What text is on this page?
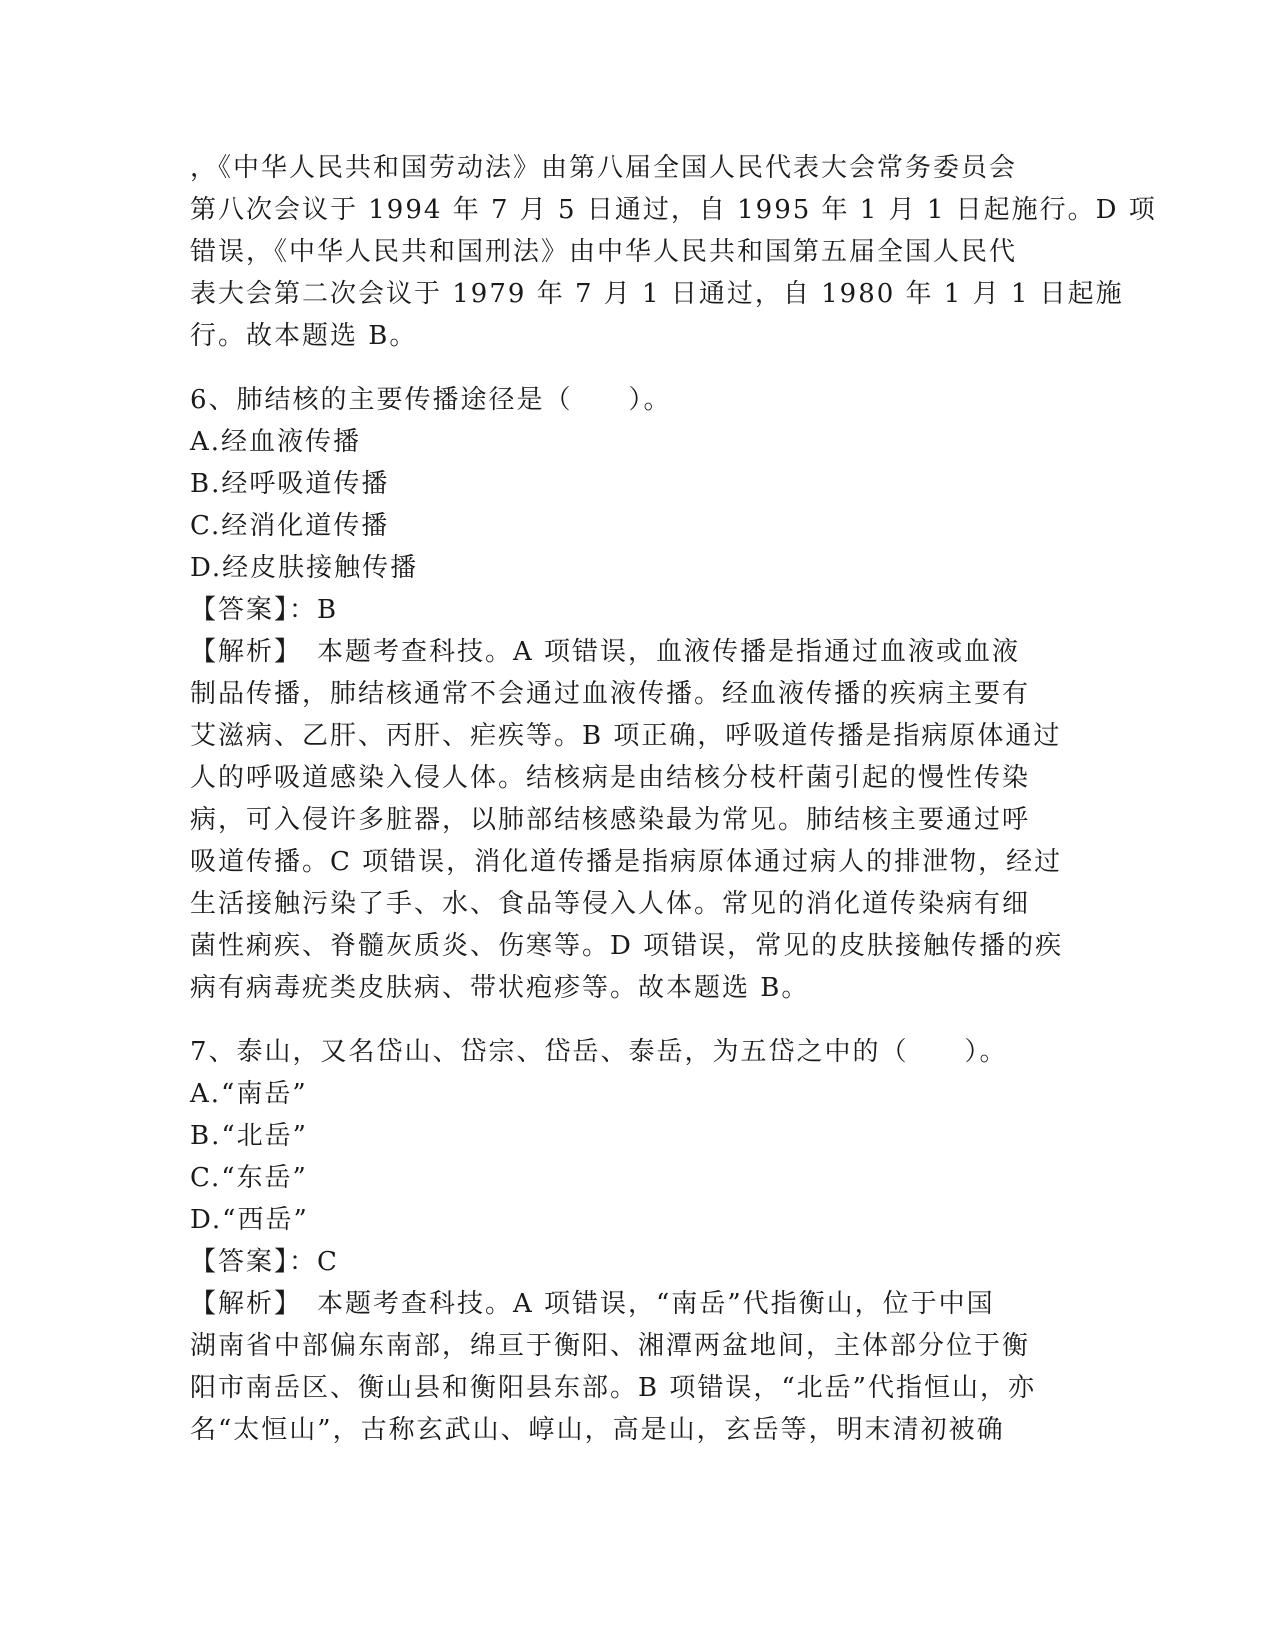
，《中华人民共和国劳动法》由第八届全国人民代表大会常务委员会
第八次会议于 1994 年 7 月 5 日通过，自 1995 年 1 月 1 日起施行。D 项
错误，《中华人民共和国刑法》由中华人民共和国第五届全国人民代
表大会第二次会议于 1979 年 7 月 1 日通过，自 1980 年 1 月 1 日起施
行。故本题选 B。
6、肺结核的主要传播途径是（　　）。
A.经血液传播
B.经呼吸道传播
C.经消化道传播
D.经皮肤接触传播
【答案】：B
【解析】　本题考查科技。A 项错误，血液传播是指通过血液或血液
制品传播，肺结核通常不会通过血液传播。经血液传播的疾病主要有
艾滋病、乙肝、丙肝、疟疾等。B 项正确，呼吸道传播是指病原体通过
人的呼吸道感染入侵人体。结核病是由结核分枝杆菌引起的慢性传染
病，可入侵许多脏器，以肺部结核感染最为常见。肺结核主要通过呼
吸道传播。C 项错误，消化道传播是指病原体通过病人的排泄物，经过
生活接触污染了手、水、食品等侵入人体。常见的消化道传染病有细
菌性痢疾、脊髓灰质炎、伤寒等。D 项错误，常见的皮肤接触传播的疾
病有病毒疣类皮肤病、带状疱疹等。故本题选 B。
7、泰山，又名岱山、岱宗、岱岳、泰岳，为五岱之中的（　　）。
A.“南岳”
B.“北岳”
C.“东岳”
D.“西岳”
【答案】：C
【解析】　本题考查科技。A 项错误，“南岳”代指衡山，位于中国
湖南省中部偏东南部，绵亘于衡阳、湘潭两盆地间，主体部分位于衡
阳市南岳区、衡山县和衡阳县东部。B 项错误，“北岳”代指恒山，亦
名“太恒山”，古称玄武山、崞山，高是山，玄岳等，明末清初被确
